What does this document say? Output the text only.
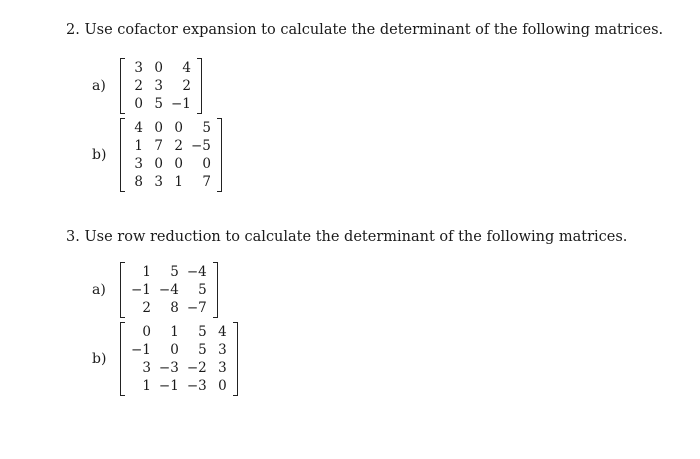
2. Use cofactor expansion to calculate the determinant of the following matrices.
a)
3 0	4
2 3	2
0 5 −1
b)
4 0 0	5
1 7 2 −5
3 0 0	0
8 3 1	7
3. Use row reduction to calculate the determinant of the following matrices.
a)
1	5 −4
−1 −4	5
2	8 −7
b)
0	1	5 4
−1	0	5 3
3 −3 −2 3
1 −1 −3 0
